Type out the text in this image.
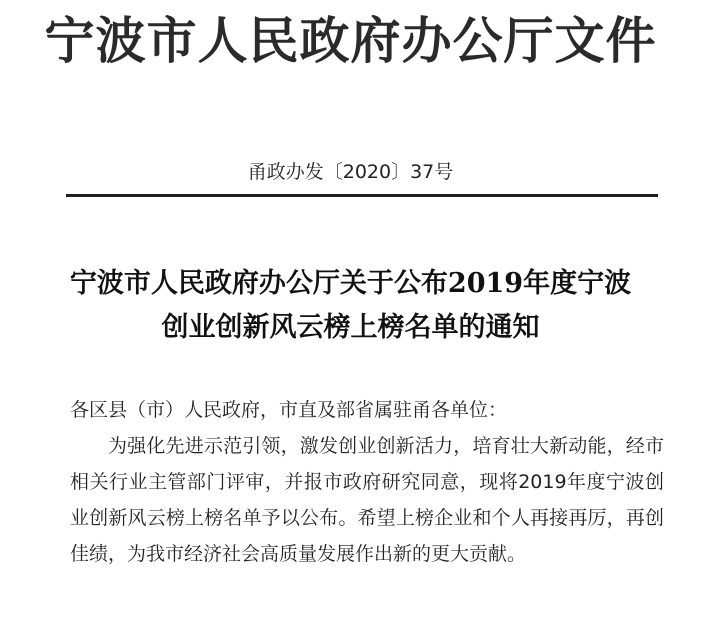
宁波市人民政府办公厅文件
甬政办发〔2020〕37号
宁波市人民政府办公厅关于公布2019年度宁波
创业创新风云榜上榜名单的通知

各区县（市）人民政府，市直及部省属驻甬各单位：

为强化先进示范引领，激发创业创新活力，培育壮大新动能，经市相关行业主管部门评审，并报市政府研究同意，现将2019年度宁波创业创新风云榜上榜名单予以公布。希望上榜企业和个人再接再厉，再创佳绩，为我市经济社会高质量发展作出新的更大贡献。
